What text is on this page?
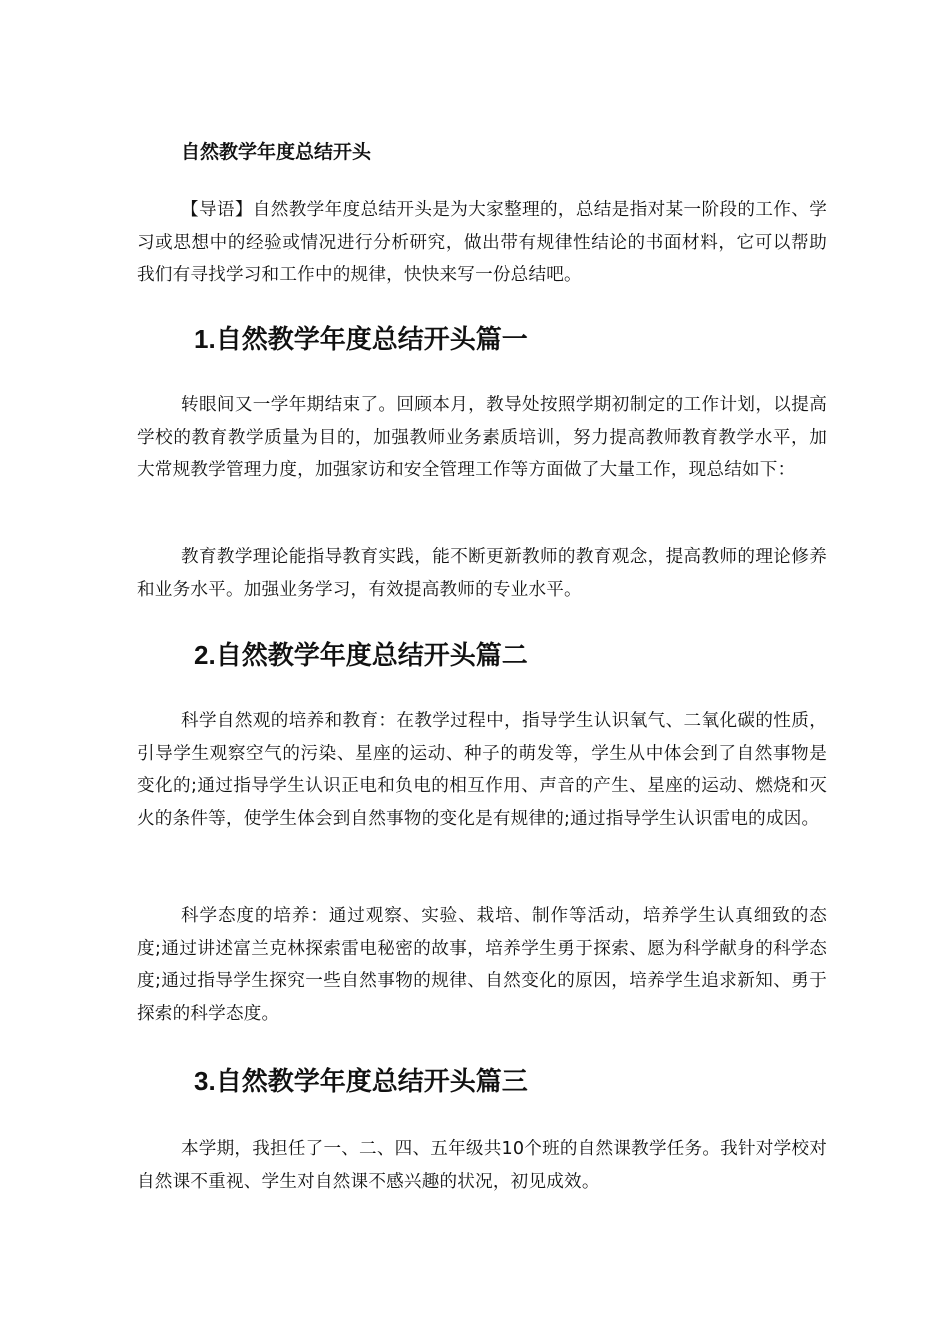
自然教学年度总结开头

【导语】自然教学年度总结开头是为大家整理的，总结是指对某一阶段的工作、学习或思想中的经验或情况进行分析研究，做出带有规律性结论的书面材料，它可以帮助我们有寻找学习和工作中的规律，快快来写一份总结吧。

1.自然教学年度总结开头篇一

转眼间又一学年期结束了。回顾本月，教导处按照学期初制定的工作计划，以提高学校的教育教学质量为目的，加强教师业务素质培训，努力提高教师教育教学水平，加大常规教学管理力度，加强家访和安全管理工作等方面做了大量工作，现总结如下：

教育教学理论能指导教育实践，能不断更新教师的教育观念，提高教师的理论修养和业务水平。加强业务学习，有效提高教师的专业水平。

2.自然教学年度总结开头篇二

科学自然观的培养和教育：在教学过程中，指导学生认识氧气、二氧化碳的性质，引导学生观察空气的污染、星座的运动、种子的萌发等，学生从中体会到了自然事物是变化的;通过指导学生认识正电和负电的相互作用、声音的产生、星座的运动、燃烧和灭火的条件等，使学生体会到自然事物的变化是有规律的;通过指导学生认识雷电的成因。

科学态度的培养：通过观察、实验、栽培、制作等活动，培养学生认真细致的态度;通过讲述富兰克林探索雷电秘密的故事，培养学生勇于探索、愿为科学献身的科学态度;通过指导学生探究一些自然事物的规律、自然变化的原因，培养学生追求新知、勇于探索的科学态度。

3.自然教学年度总结开头篇三

本学期，我担任了一、二、四、五年级共10个班的自然课教学任务。我针对学校对自然课不重视、学生对自然课不感兴趣的状况，初见成效。
